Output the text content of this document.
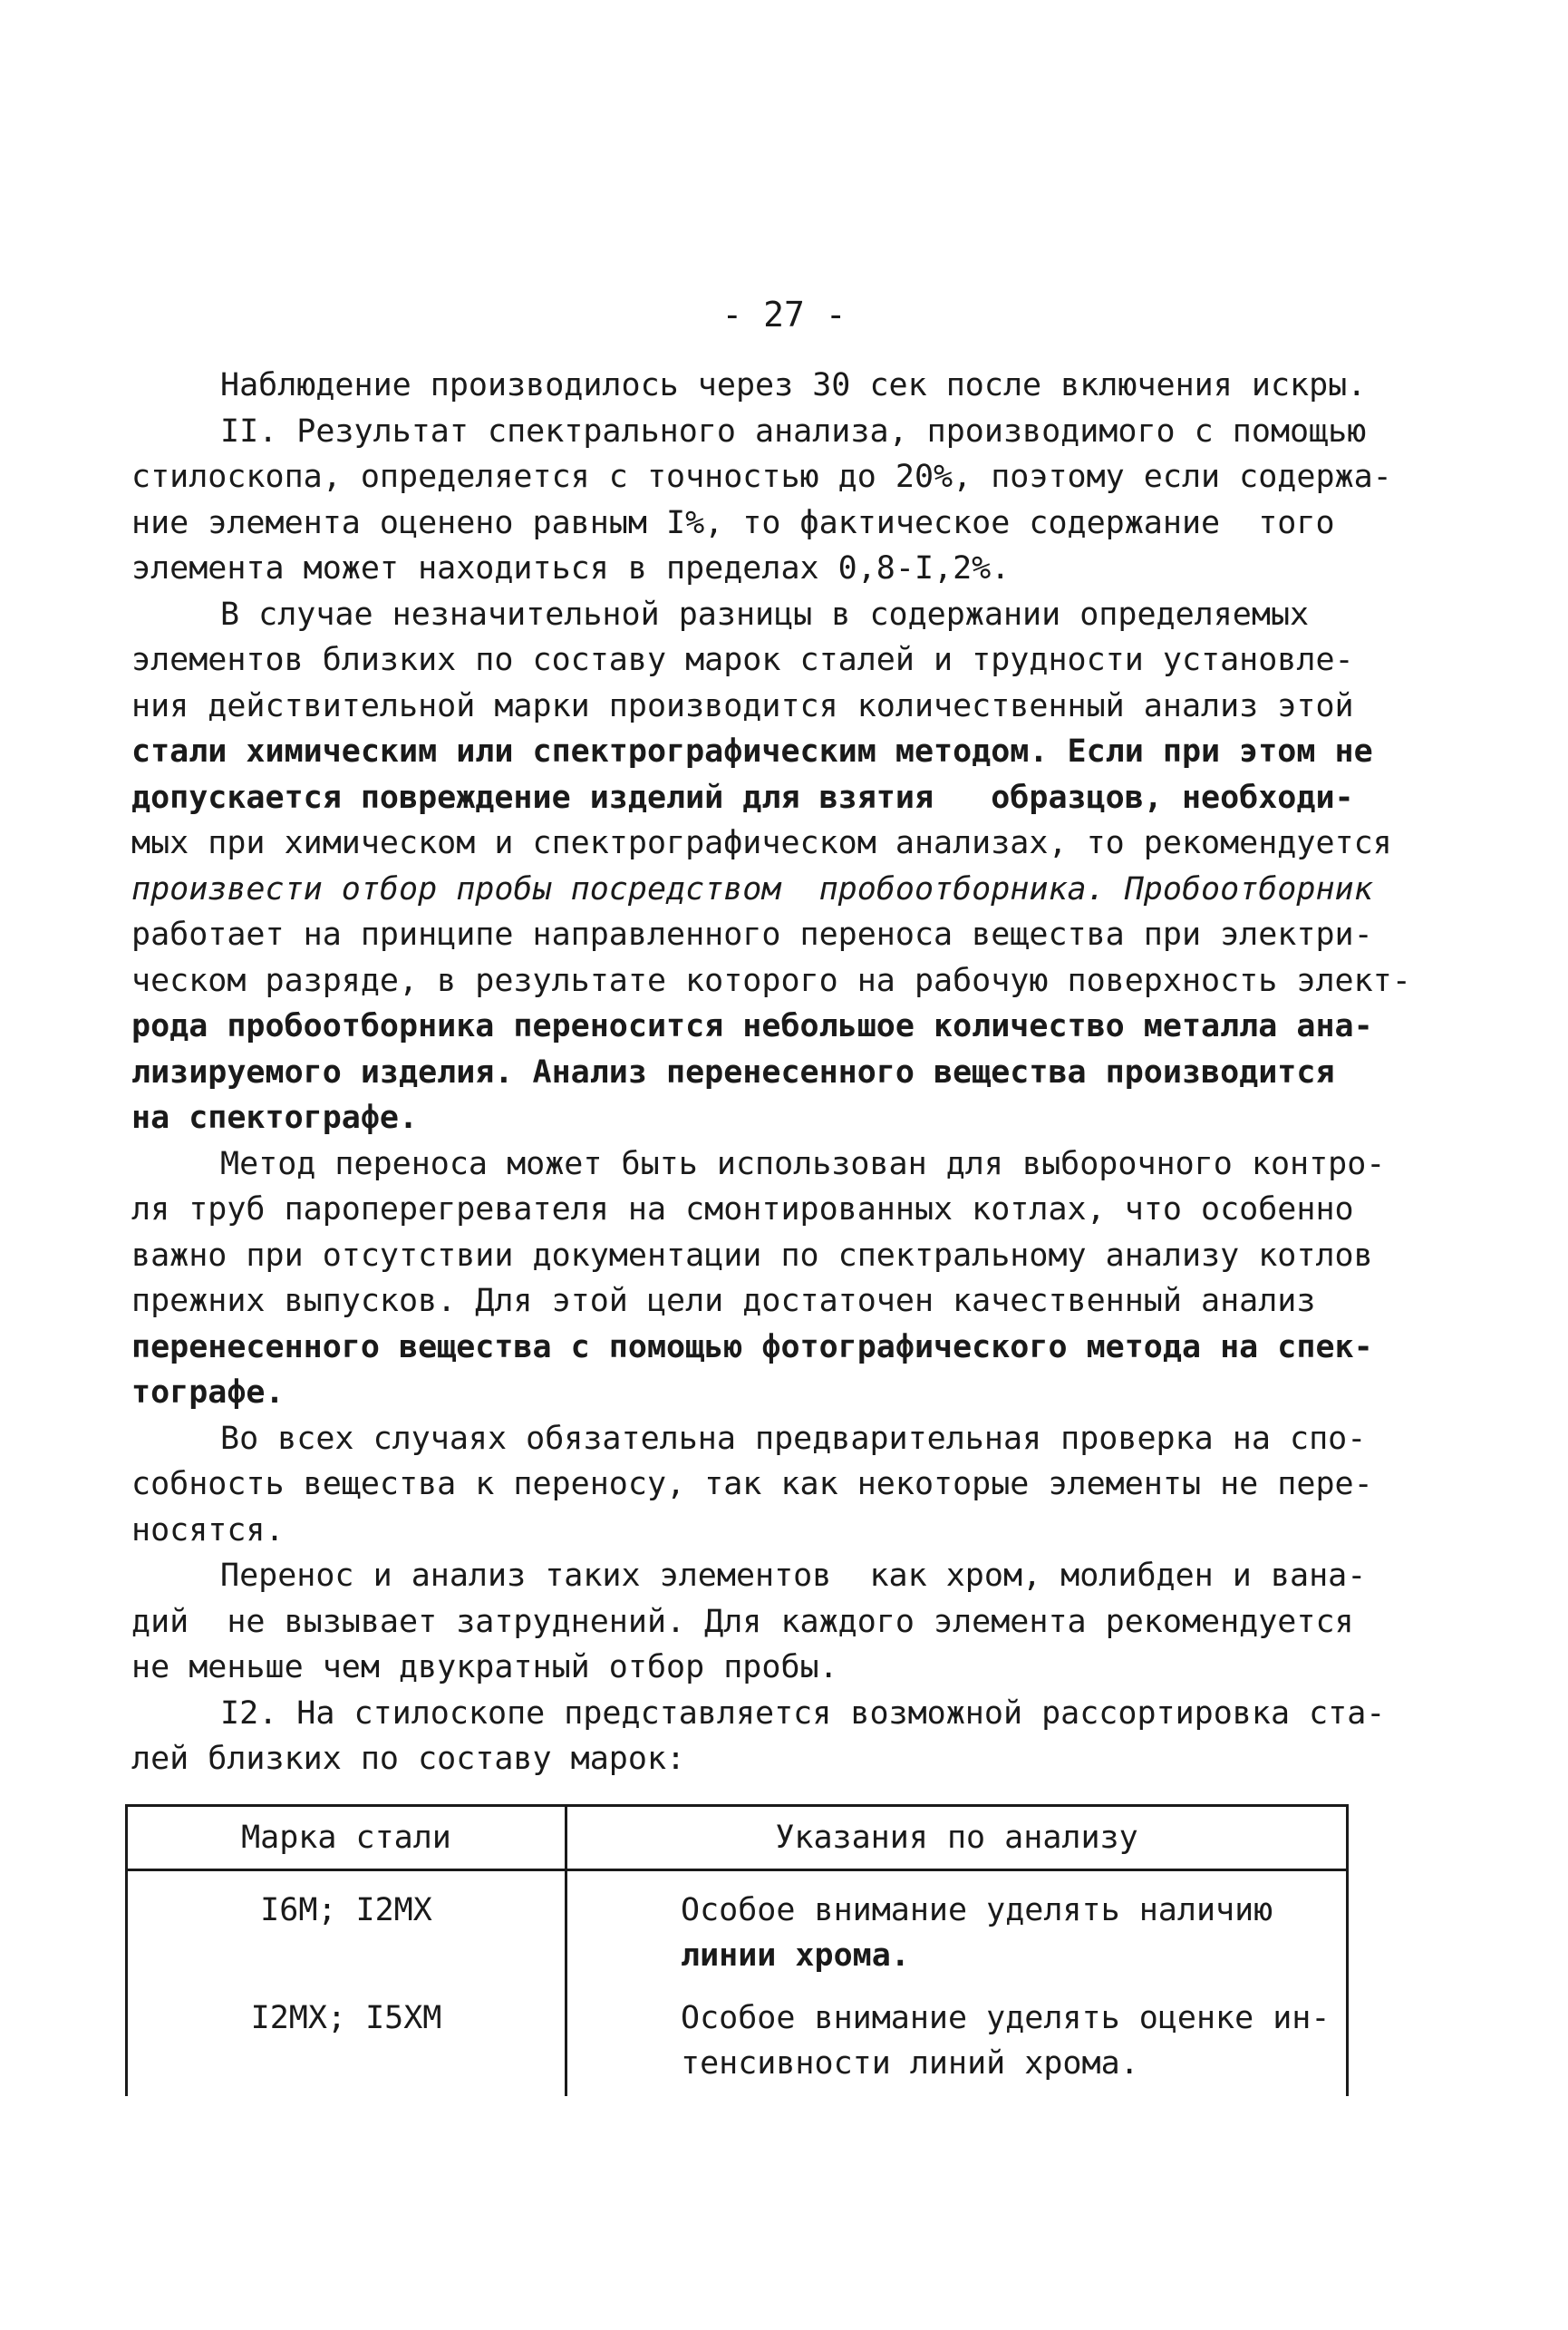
- 27 -
Наблюдение производилось через 30 сек после включения искры.
II. Результат спектрального анализа, производимого с помощью
стилоскопа, определяется с точностью до 20%, поэтому если содержа-
ние элемента оценено равным I%, то фактическое содержание  того
элемента может находиться в пределах 0,8-I,2%.
В случае незначительной разницы в содержании определяемых
элементов близких по составу марок сталей и трудности установле-
ния действительной марки производится количественный анализ этой
стали химическим или спектрографическим методом. Если при этом не
допускается повреждение изделий для взятия   образцов, необходи-
мых при химическом и спектрографическом анализах, то рекомендуется
произвести отбор пробы посредством  пробоотборника. Пробоотборник
работает на принципе направленного переноса вещества при электри-
ческом разряде, в результате которого на рабочую поверхность элект-
рода пробоотборника переносится небольшое количество металла ана-
лизируемого изделия. Анализ перенесенного вещества производится
на спектографе.
Метод переноса может быть использован для выборочного контро-
ля труб пароперегревателя на смонтированных котлах, что особенно
важно при отсутствии документации по спектральному анализу котлов
прежних выпусков. Для этой цели достаточен качественный анализ
перенесенного вещества с помощью фотографического метода на спек-
тографе.
Во всех случаях обязательна предварительная проверка на спо-
собность вещества к переносу, так как некоторые элементы не пере-
носятся.
Перенос и анализ таких элементов  как хром, молибден и вана-
дий  не вызывает затруднений. Для каждого элемента рекомендуется
не меньше чем двукратный отбор пробы.
I2. На стилоскопе представляется возможной рассортировка ста-
лей близких по составу марок:
Марка стали	Указания по анализу
I6M; I2MX	Особое внимание уделять наличию
линии хрома.

I2MX; I5XM	Особое внимание уделять оценке ин-
тенсивности линий хрома.
